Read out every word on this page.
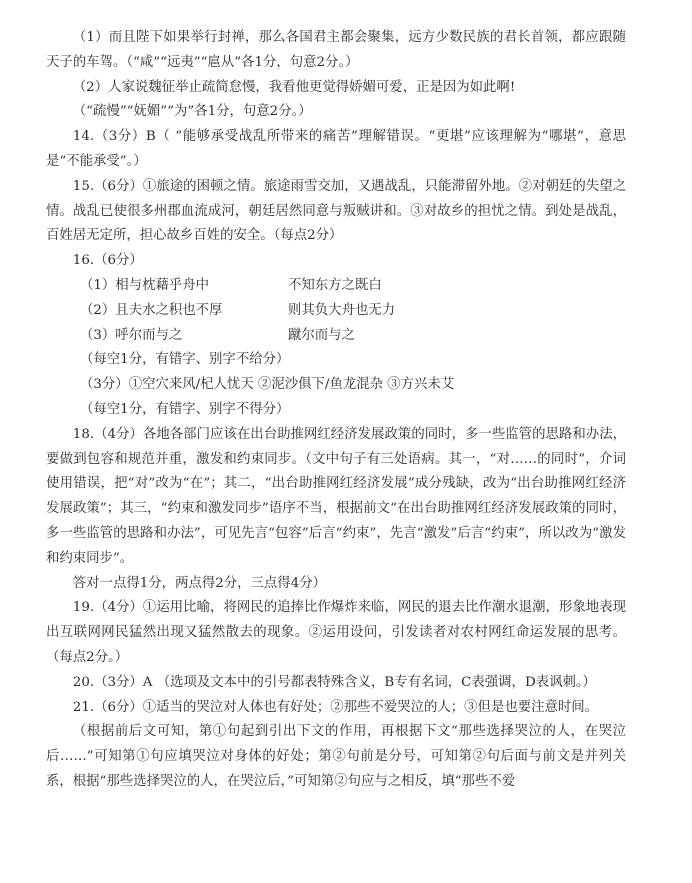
（1）而且陛下如果举行封禅，那么各国君主都会聚集，远方少数民族的君长首领，都应跟随天子的车驾。（“咸”“远夷”“扈从”各1分，句意2分。）

（2）人家说魏征举止疏简怠慢，我看他更觉得娇媚可爱，正是因为如此啊!

（“疏慢”“妩媚”“为”各1分，句意2分。）

14.（3分）B（ “能够承受战乱所带来的痛苦”理解错误。“更堪”应该理解为“哪堪”，意思是“不能承受”。）

15.（6分）①旅途的困顿之情。旅途雨雪交加，又遇战乱，只能滞留外地。②对朝廷的失望之情。战乱已使很多州郡血流成河，朝廷居然同意与叛贼讲和。③对故乡的担忧之情。到处是战乱，百姓居无定所，担心故乡百姓的安全。（每点2分）

16.（6分）

（1）相与枕藉乎舟中	不知东方之既白
（2）且夫水之积也不厚	则其负大舟也无力
（3）呼尔而与之	蹴尔而与之

（每空1分，有错字、别字不给分）

（3分）①空穴来风/杞人忧天 ②泥沙俱下/鱼龙混杂 ③方兴未艾

（每空1分，有错字、别字不得分）

18.（4分）各地各部门应该在出台助推网红经济发展政策的同时，多一些监管的思路和办法，要做到包容和规范并重，激发和约束同步。（文中句子有三处语病。其一，“对……的同时”，介词使用错误，把“对”改为“在”；其二，“出台助推网红经济发展”成分残缺，改为“出台助推网红经济发展政策”；其三，“约束和激发同步”语序不当，根据前文“在出台助推网红经济发展政策的同时，多一些监管的思路和办法”，可见先言“包容”后言“约束”，先言“激发”后言“约束”，所以改为“激发和约束同步”。

答对一点得1分，两点得2分，三点得4分）

19.（4分）①运用比喻，将网民的追捧比作爆炸来临，网民的退去比作潮水退潮，形象地表现出互联网网民猛然出现又猛然散去的现象。②运用设问，引发读者对农村网红命运发展的思考。（每点2分。）

20.（3分）A （选项及文本中的引号都表特殊含义，B专有名词，C表强调，D表讽刺。）

21.（6分）①适当的哭泣对人体也有好处；②那些不爱哭泣的人；③但是也要注意时间。

（根据前后文可知，第①句起到引出下文的作用，再根据下文“那些选择哭泣的人，在哭泣后……”可知第①句应填哭泣对身体的好处；第②句前是分号，可知第②句后面与前文是并列关系，根据“那些选择哭泣的人，在哭泣后，”可知第②句应与之相反，填“那些不爱
